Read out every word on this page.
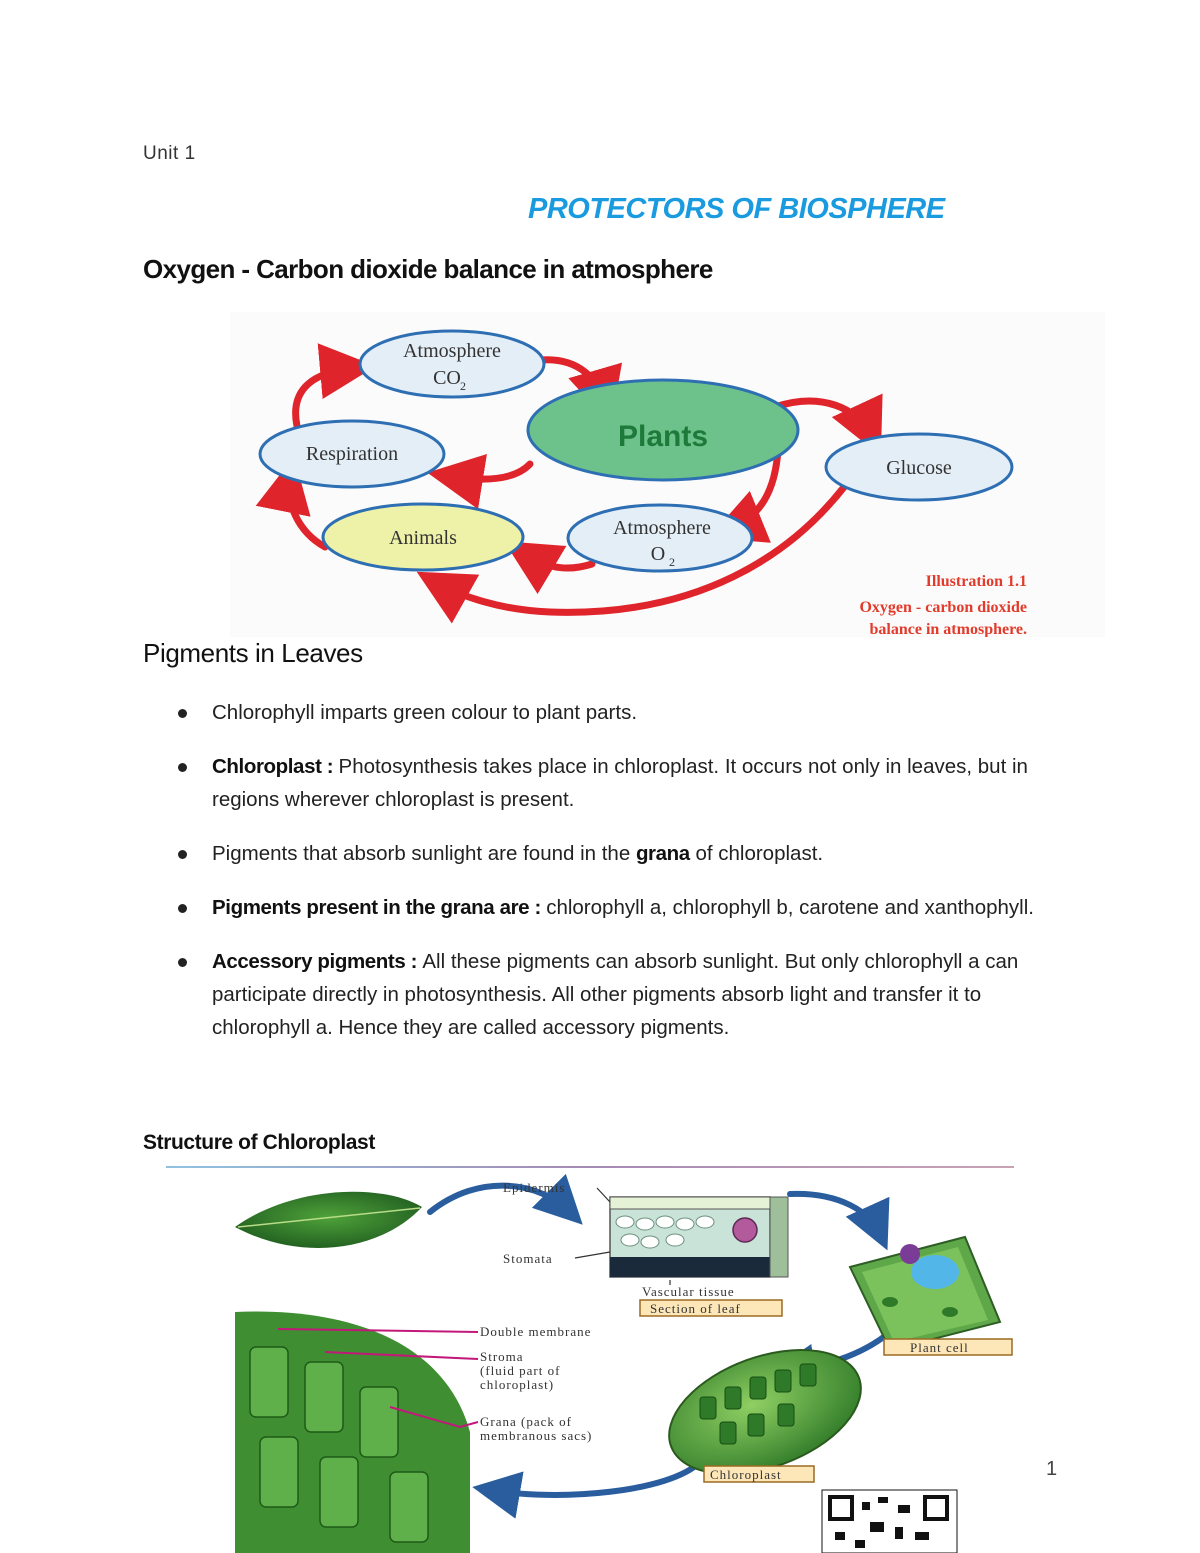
Unit 1
PROTECTORS OF BIOSPHERE
Oxygen - Carbon dioxide balance in atmosphere
Atmosphere
CO 2
Respiration
Glucose
Animals	Atmosphere
O 2
Plants
Illustration 1.1
Oxygen - carbon dioxide
balance in atmosphere.
Pigments in Leaves
Chlorophyll imparts green colour to plant parts.
Chloroplast : Photosynthesis takes place in chloroplast. It occurs not only in leaves, but in regions wherever chloroplast is present.
Pigments that absorb sunlight are found in the grana of chloroplast.
Pigments present in the grana are : chlorophyll a, chlorophyll b, carotene and xanthophyll.
Accessory pigments : All these pigments can absorb sunlight. But only chlorophyll a can participate directly in photosynthesis. All other pigments absorb light and transfer it to chlorophyll a. Hence they are called accessory pigments.
Structure of Chloroplast
Epidermis
Stomata
Vascular tissue
Double membrane
Stroma
(fluid part of
chloroplast)
Grana (pack of
membranous sacs)
Section of leaf
Plant cell
Chloroplast	1
